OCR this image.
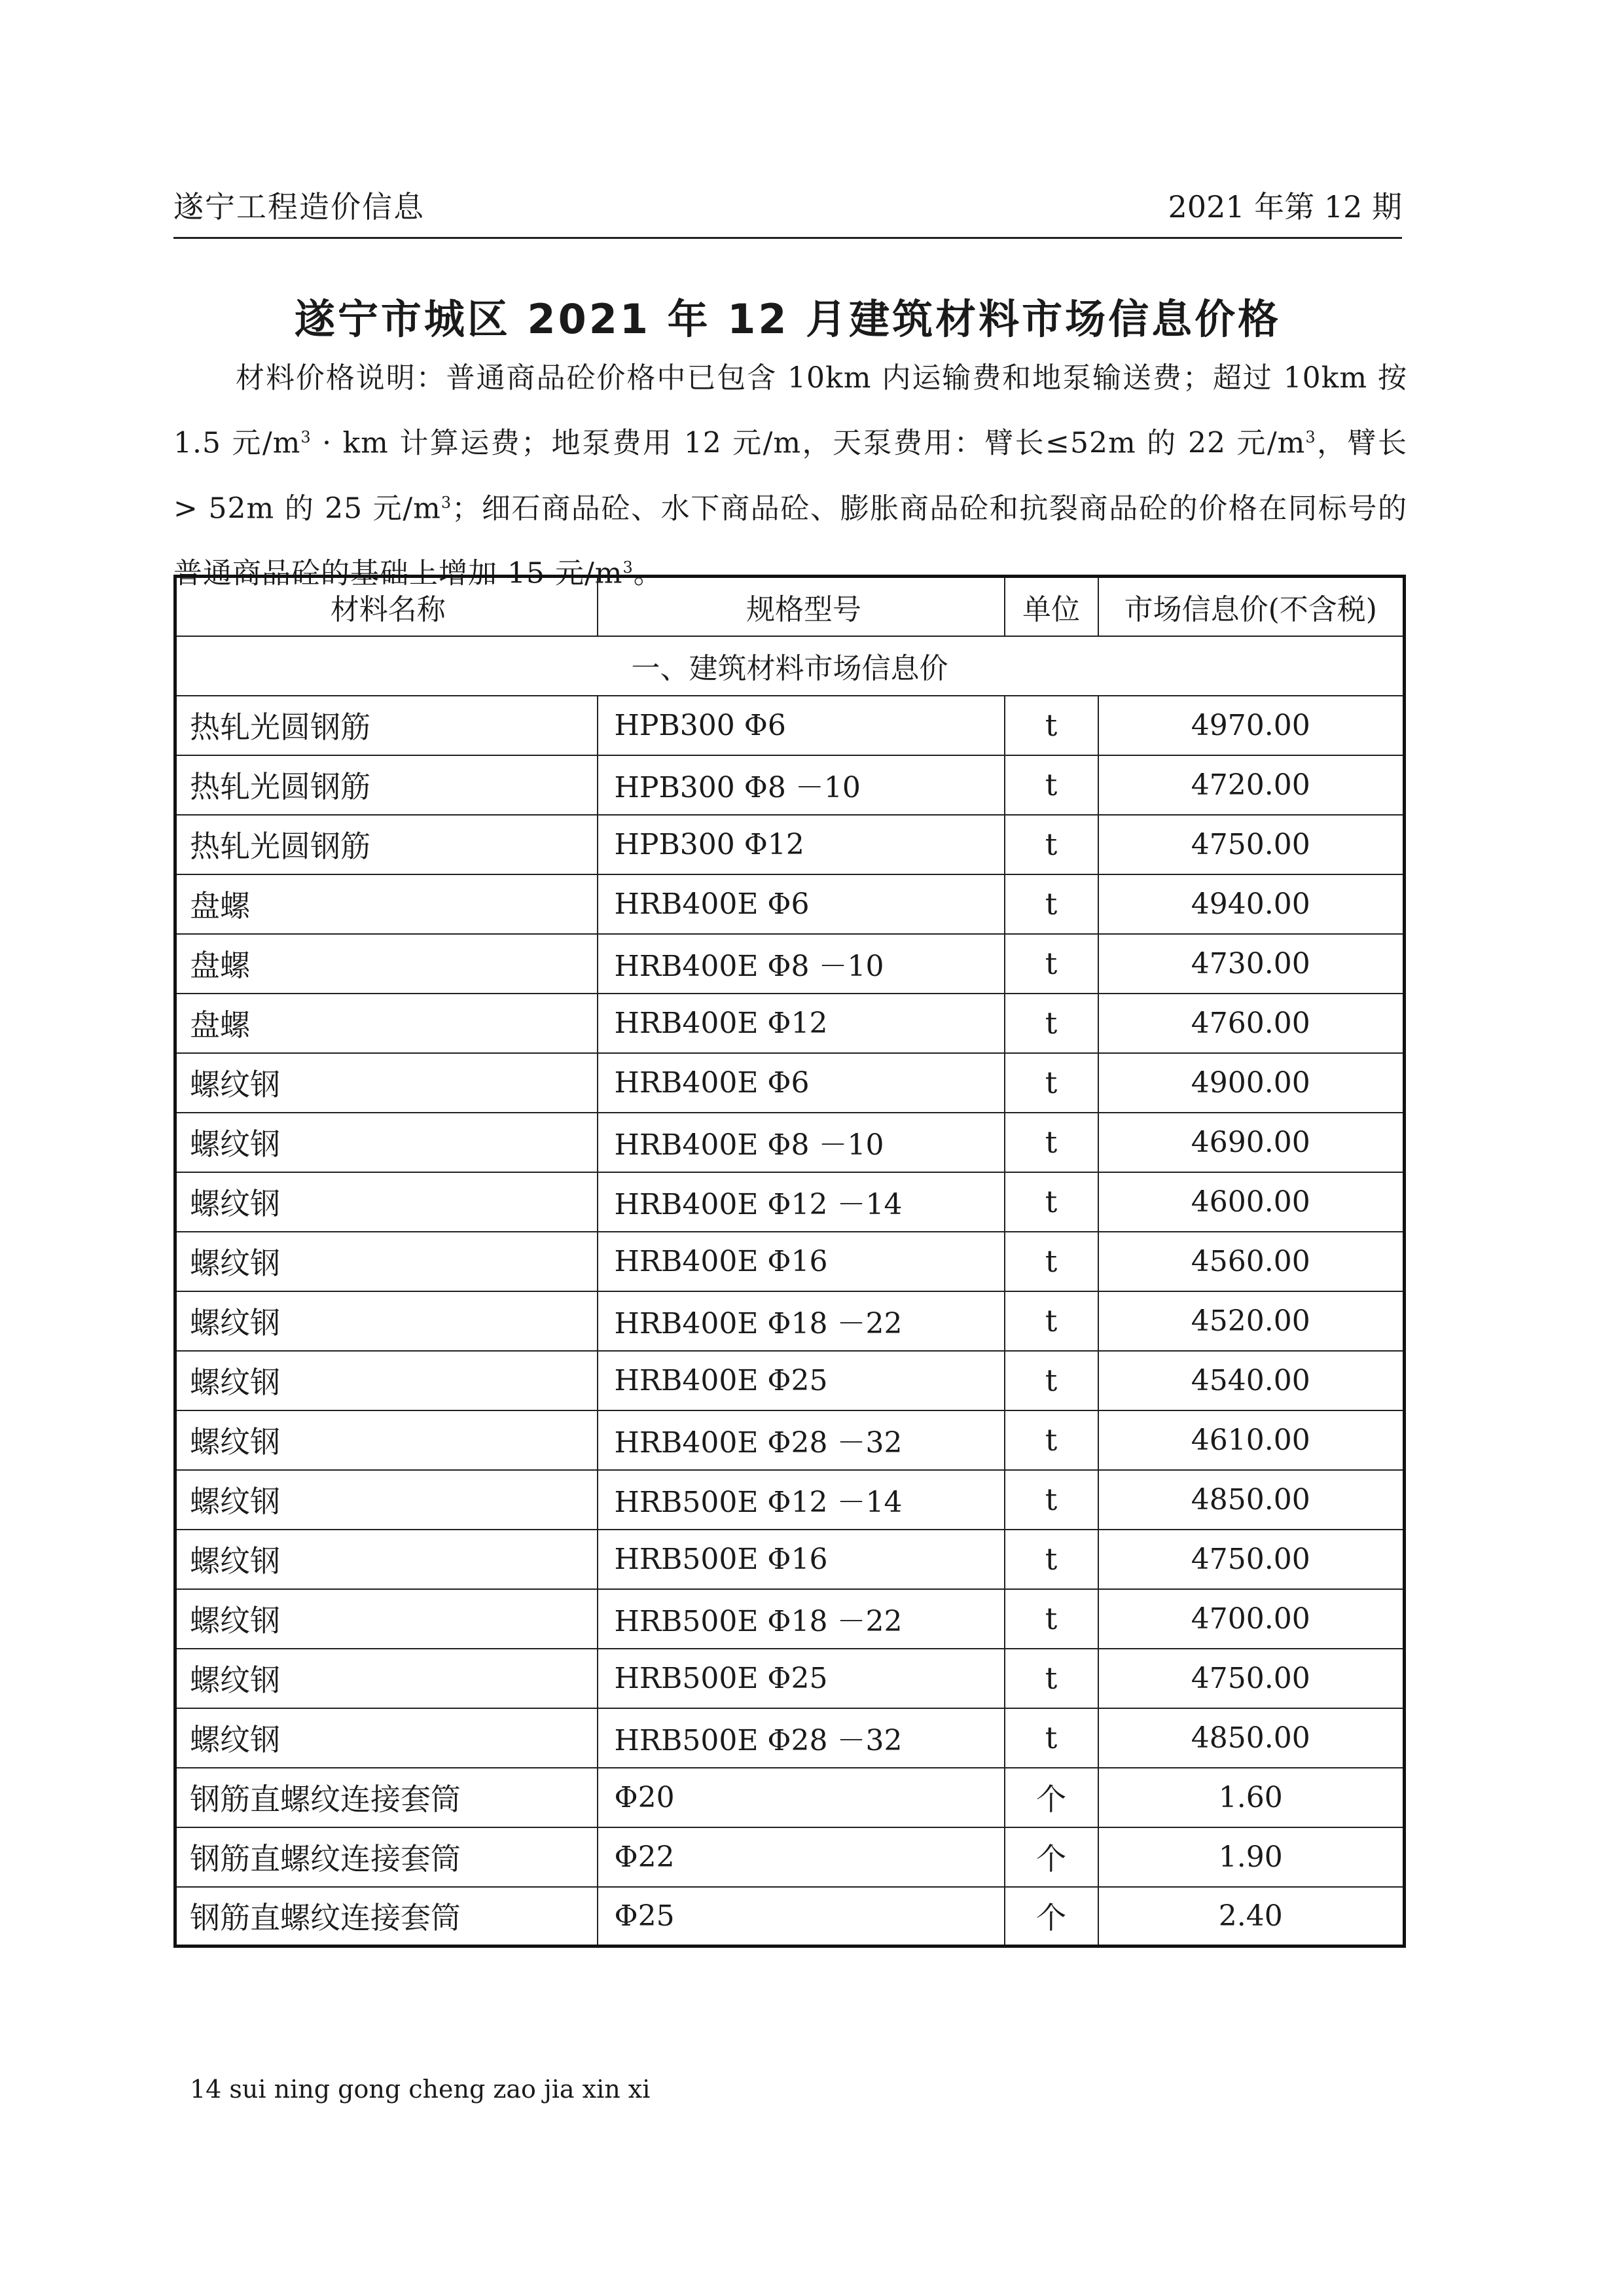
遂宁工程造价信息	2021 年第 12 期
遂宁市城区 2021 年 12 月建筑材料市场信息价格
材料价格说明：普通商品砼价格中已包含 10km 内运输费和地泵输送费；超过 10km 按 1.5 元$/m^3$ · km 计算运费；地泵费用 12 元/m，天泵费用：臂长≤52m 的 22 元$/m^3$，臂长 > 52m 的 25 元$/m^3$；细石商品砼、水下商品砼、膨胀商品砼和抗裂商品砼的价格在同标号的普通商品砼的基础上增加 15 元$/m^3$。
材料名称	规格型号	单位	市场信息价(不含税)
一、建筑材料市场信息价			
热轧光圆钢筋	HPB300 Φ6	t	4970.00
热轧光圆钢筋	HPB300 Φ8 －10	t	4720.00
热轧光圆钢筋	HPB300 Φ12	t	4750.00
盘螺	HRB400E Φ6	t	4940.00
盘螺	HRB400E Φ8 －10	t	4730.00
盘螺	HRB400E Φ12	t	4760.00
螺纹钢	HRB400E Φ6	t	4900.00
螺纹钢	HRB400E Φ8 －10	t	4690.00
螺纹钢	HRB400E Φ12 －14	t	4600.00
螺纹钢	HRB400E Φ16	t	4560.00
螺纹钢	HRB400E Φ18 －22	t	4520.00
螺纹钢	HRB400E Φ25	t	4540.00
螺纹钢	HRB400E Φ28 －32	t	4610.00
螺纹钢	HRB500E Φ12 －14	t	4850.00
螺纹钢	HRB500E Φ16	t	4750.00
螺纹钢	HRB500E Φ18 －22	t	4700.00
螺纹钢	HRB500E Φ25	t	4750.00
螺纹钢	HRB500E Φ28 －32	t	4850.00
钢筋直螺纹连接套筒	Φ20	个	1.60
钢筋直螺纹连接套筒	Φ22	个	1.90
钢筋直螺纹连接套筒	Φ25	个	2.40
14 sui ning gong cheng zao jia xin xi
